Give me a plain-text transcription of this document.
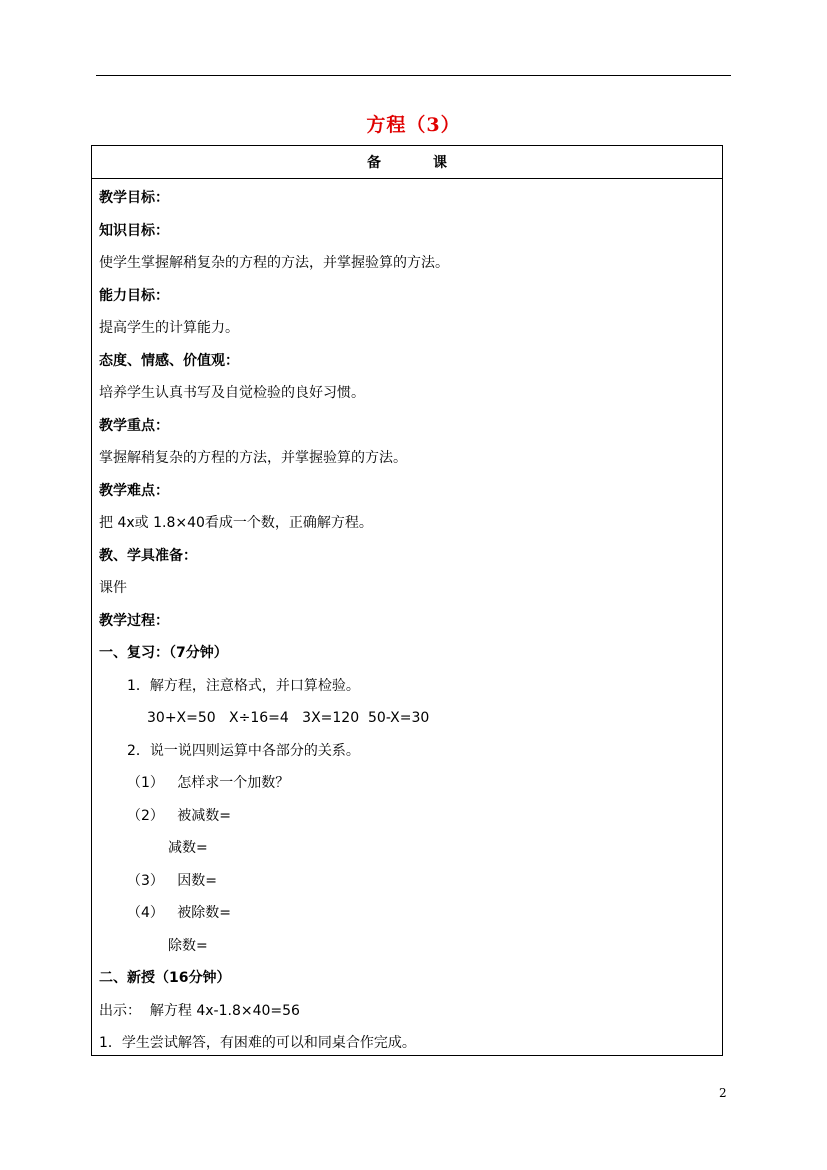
方程（3）
备	课
教学目标：
知识目标：
使学生掌握解稍复杂的方程的方法，并掌握验算的方法。
能力目标：
提高学生的计算能力。
态度、情感、价值观：
培养学生认真书写及自觉检验的良好习惯。
教学重点：
掌握解稍复杂的方程的方法，并掌握验算的方法。
教学难点：
把 4x或 1.8×40看成一个数，正确解方程。
教、学具准备：
课件
教学过程：
一、复习：（7分钟）
1．解方程，注意格式，并口算检验。
30+X=50   X÷16=4   3X=120  50-X=30
2．说一说四则运算中各部分的关系。
（1）   怎样求一个加数？
（2）   被减数=
减数=
（3）   因数=
（4）   被除数=
除数=
二、新授（16分钟）
出示：  解方程 4x-1.8×40=56
1．学生尝试解答，有困难的可以和同桌合作完成。
2
